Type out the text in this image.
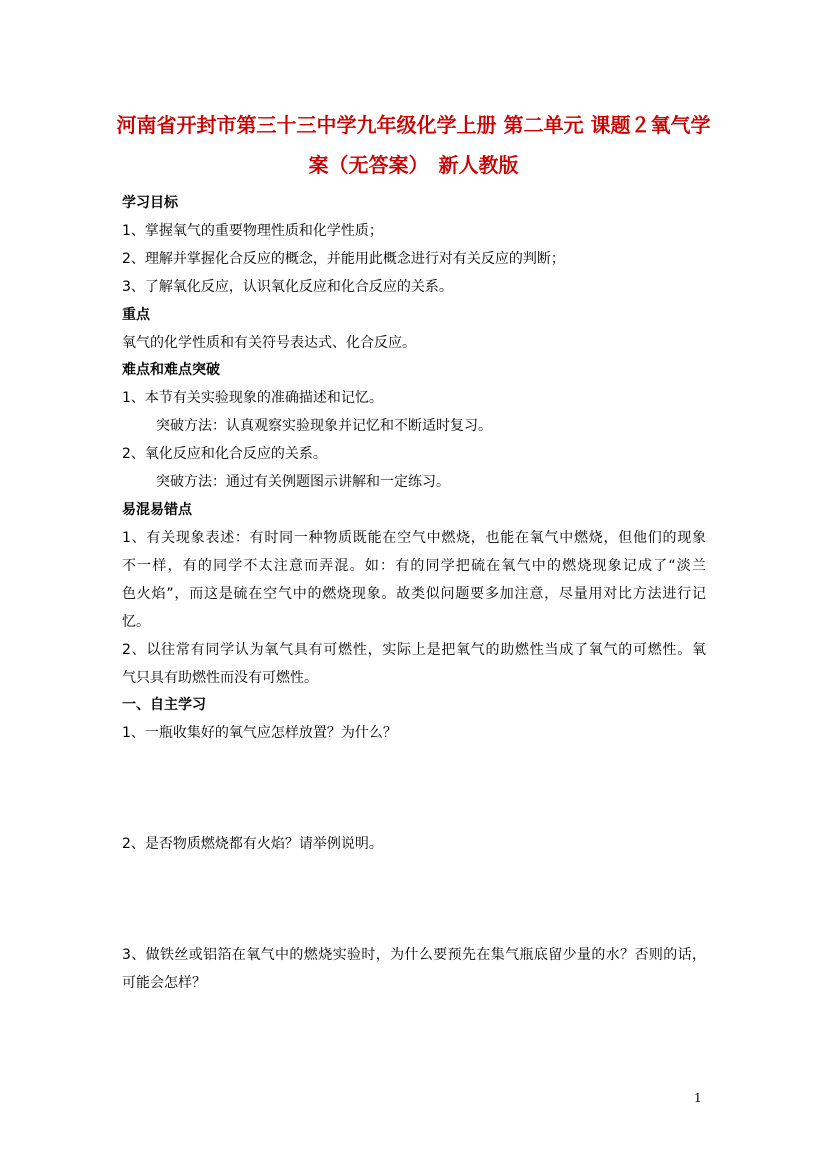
河南省开封市第三十三中学九年级化学上册 第二单元 课题２氧气学
案（无答案）　新人教版

学习目标

1、掌握氧气的重要物理性质和化学性质；

2、理解并掌握化合反应的概念，并能用此概念进行对有关反应的判断；

3、了解氧化反应，认识氧化反应和化合反应的关系。

重点

氧气的化学性质和有关符号表达式、化合反应。

难点和难点突破

1、本节有关实验现象的准确描述和记忆。

突破方法：认真观察实验现象并记忆和不断适时复习。

2、氧化反应和化合反应的关系。

突破方法：通过有关例题图示讲解和一定练习。

易混易错点

1、有关现象表述：有时同一种物质既能在空气中燃烧，也能在氧气中燃烧，但他们的现象

不一样，有的同学不太注意而弄混。如：有的同学把硫在氧气中的燃烧现象记成了“淡兰

色火焰”，而这是硫在空气中的燃烧现象。故类似问题要多加注意，尽量用对比方法进行记

忆。

2、以往常有同学认为氧气具有可燃性，实际上是把氧气的助燃性当成了氧气的可燃性。氧

气只具有助燃性而没有可燃性。

一、自主学习

1、一瓶收集好的氧气应怎样放置？为什么？

2、是否物质燃烧都有火焰？请举例说明。

3、做铁丝或铝箔在氧气中的燃烧实验时，为什么要预先在集气瓶底留少量的水？否则的话，

可能会怎样？

1
